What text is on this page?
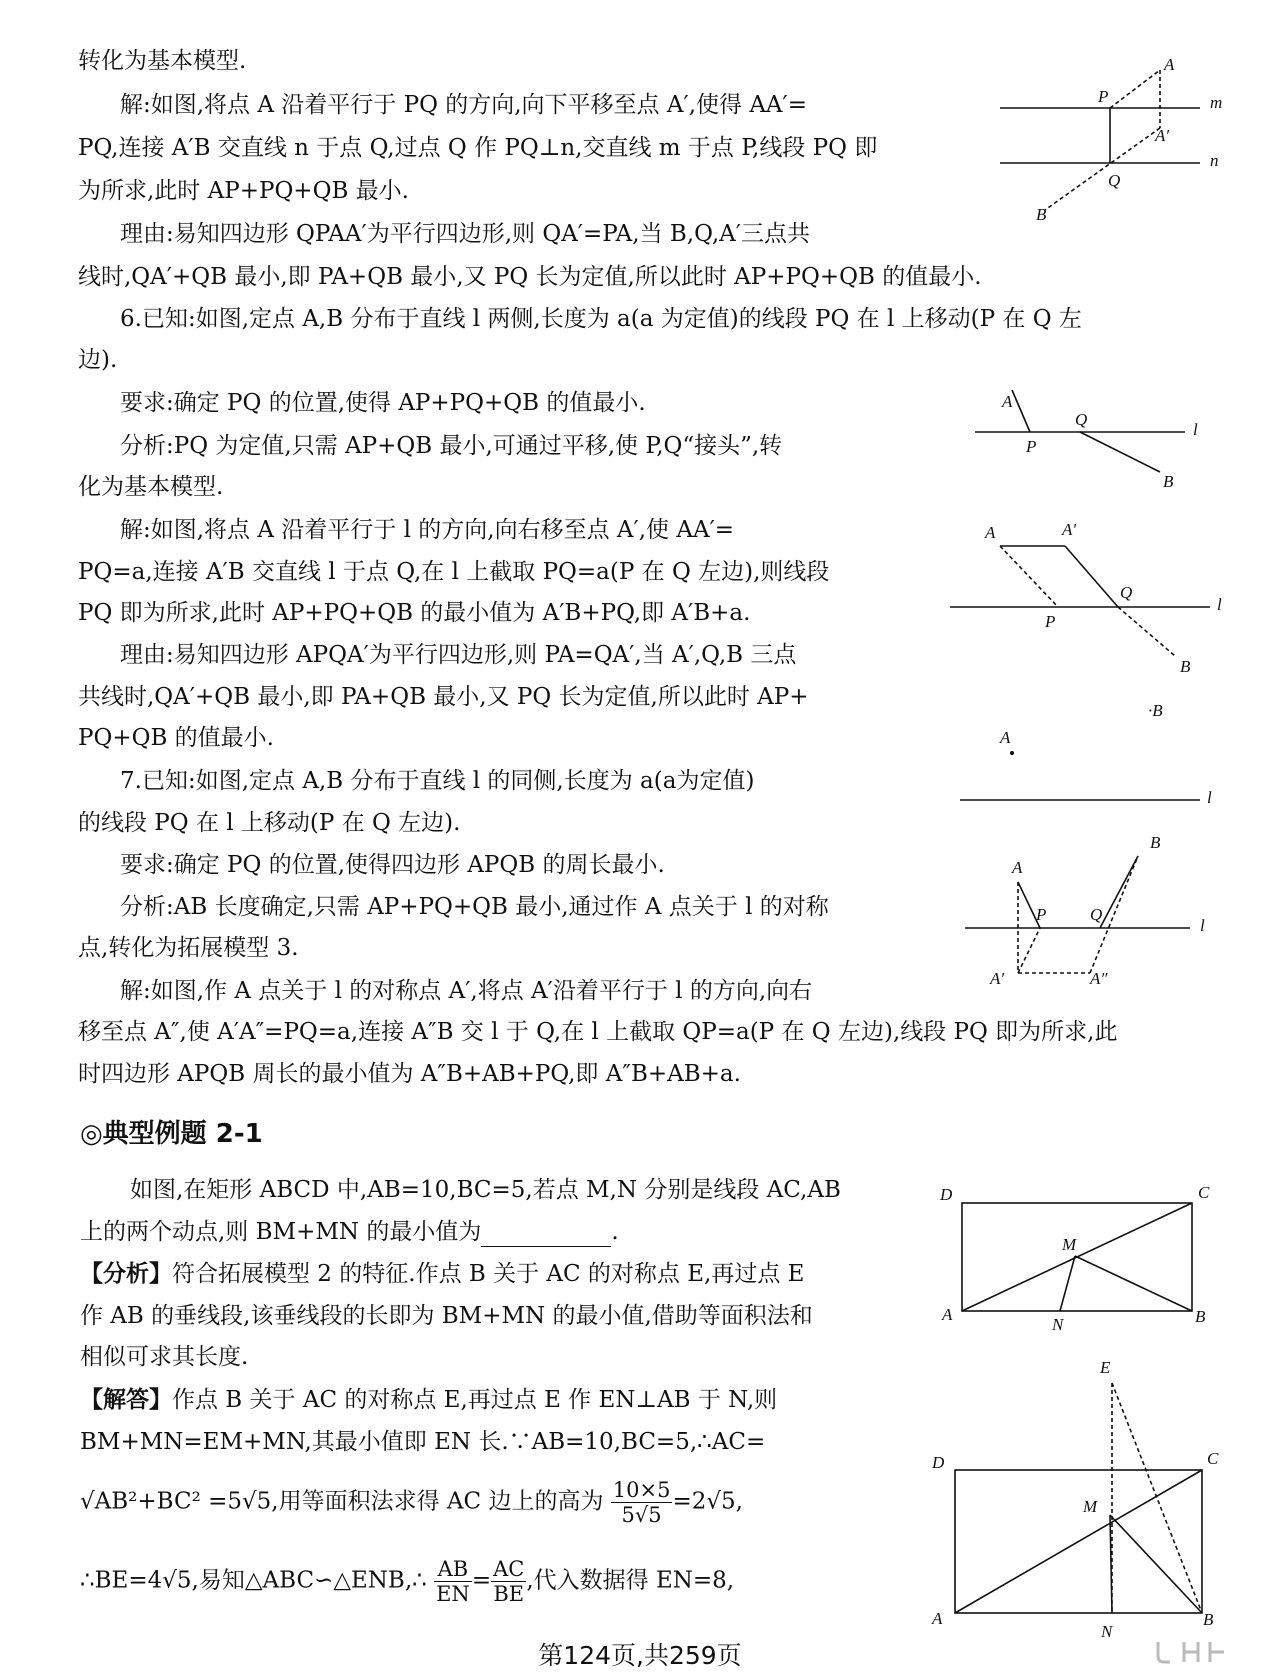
转化为基本模型.
解:如图,将点 A 沿着平行于 PQ 的方向,向下平移至点 A′,使得 AA′=
PQ,连接 A′B 交直线 n 于点 Q,过点 Q 作 PQ⊥n,交直线 m 于点 P,线段 PQ 即
为所求,此时 AP+PQ+QB 最小.
理由:易知四边形 QPAA′为平行四边形,则 QA′=PA,当 B,Q,A′三点共
线时,QA′+QB 最小,即 PA+QB 最小,又 PQ 长为定值,所以此时 AP+PQ+QB 的值最小.
6.已知:如图,定点 A,B 分布于直线 l 两侧,长度为 a(a 为定值)的线段 PQ 在 l 上移动(P 在 Q 左
边).
要求:确定 PQ 的位置,使得 AP+PQ+QB 的值最小.
分析:PQ 为定值,只需 AP+QB 最小,可通过平移,使 P,Q“接头”,转
化为基本模型.
解:如图,将点 A 沿着平行于 l 的方向,向右移至点 A′,使 AA′=
PQ=a,连接 A′B 交直线 l 于点 Q,在 l 上截取 PQ=a(P 在 Q 左边),则线段
PQ 即为所求,此时 AP+PQ+QB 的最小值为 A′B+PQ,即 A′B+a.
理由:易知四边形 APQA′为平行四边形,则 PA=QA′,当 A′,Q,B 三点
共线时,QA′+QB 最小,即 PA+QB 最小,又 PQ 长为定值,所以此时 AP+
PQ+QB 的值最小.
7.已知:如图,定点 A,B 分布于直线 l 的同侧,长度为 a(a为定值)
的线段 PQ 在 l 上移动(P 在 Q 左边).
要求:确定 PQ 的位置,使得四边形 APQB 的周长最小.
分析:AB 长度确定,只需 AP+PQ+QB 最小,通过作 A 点关于 l 的对称
点,转化为拓展模型 3.
解:如图,作 A 点关于 l 的对称点 A′,将点 A′沿着平行于 l 的方向,向右
移至点 A″,使 A′A″=PQ=a,连接 A″B 交 l 于 Q,在 l 上截取 QP=a(P 在 Q 左边),线段 PQ 即为所求,此
时四边形 APQB 周长的最小值为 A″B+AB+PQ,即 A″B+AB+a.
◎典型例题 2-1
如图,在矩形 ABCD 中,AB=10,BC=5,若点 M,N 分别是线段 AC,AB
上的两个动点,则 BM+MN 的最小值为	.
【分析】符合拓展模型 2 的特征.作点 B 关于 AC 的对称点 E,再过点 E
作 AB 的垂线段,该垂线段的长即为 BM+MN 的最小值,借助等面积法和
相似可求其长度.
【解答】作点 B 关于 AC 的对称点 E,再过点 E 作 EN⊥AB 于 N,则
BM+MN=EM+MN,其最小值即 EN 长.∵AB=10,BC=5,∴AC=
√AB²+BC² =5√5,用等面积法求得 AC 边上的高为 $\frac{10\times 5}{5√5} =2√5$,
∴BE=4√5,易知△ABC∽△ENB,∴ $\frac{AB}{EN} = \frac{AC}{BE}$ ,代入数据得 EN=8,
A
P	m
A′
n
Q
B
A
Q
l
P
B
A	A′
Q
l
P
B
·B
A
l
B
A
P	Q
l
A′	A″
D	C
M
A
N	B
E
D	C
M
A
N
B
第124页,共259页
